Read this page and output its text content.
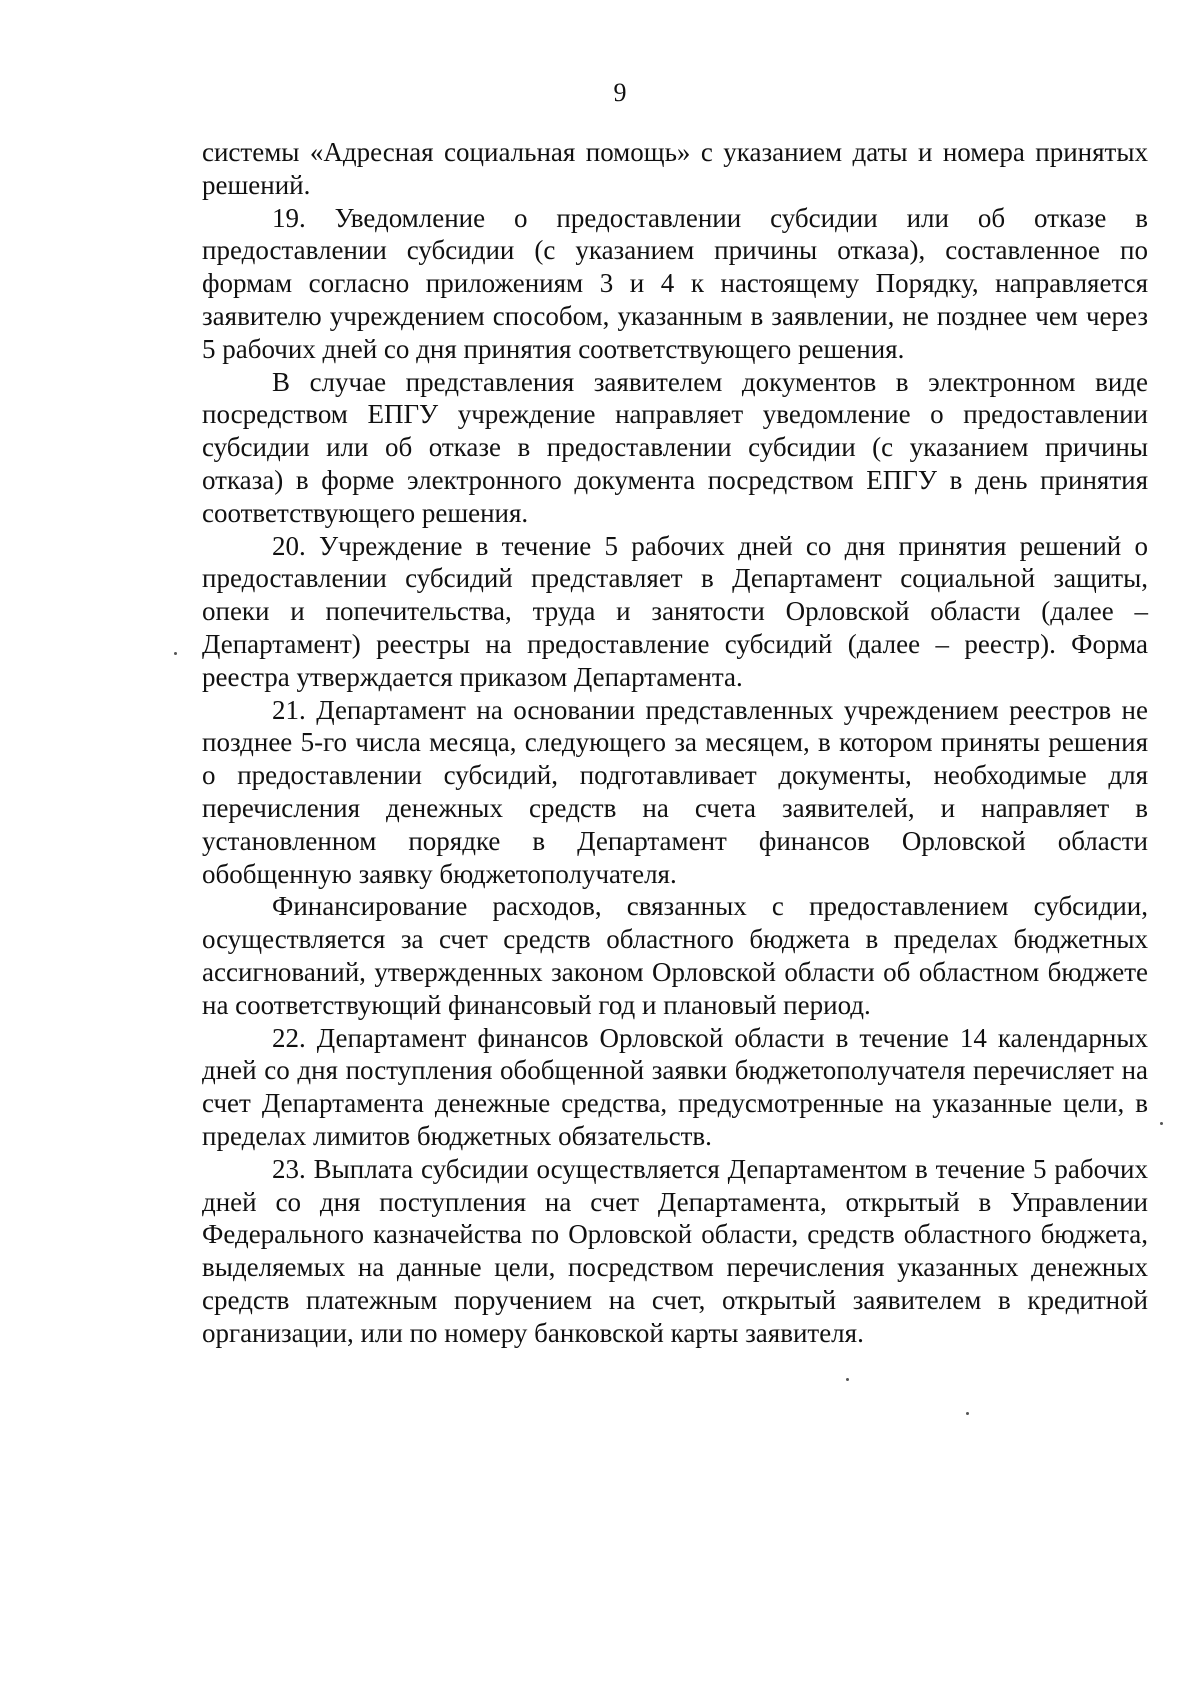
9

системы «Адресная социальная помощь» с указанием даты и номера принятых решений.

19. Уведомление о предоставлении субсидии или об отказе в предоставлении субсидии (с указанием причины отказа), составленное по формам согласно приложениям 3 и 4 к настоящему Порядку, направляется заявителю учреждением способом, указанным в заявлении, не позднее чем через 5 рабочих дней со дня принятия соответствующего решения.

В случае представления заявителем документов в электронном виде посредством ЕПГУ учреждение направляет уведомление о предоставлении субсидии или об отказе в предоставлении субсидии (с указанием причины отказа) в форме электронного документа посредством ЕПГУ в день принятия соответствующего решения.

20. Учреждение в течение 5 рабочих дней со дня принятия решений о предоставлении субсидий представляет в Департамент социальной защиты, опеки и попечительства, труда и занятости Орловской области (далее – Департамент) реестры на предоставление субсидий (далее – реестр). Форма реестра утверждается приказом Департамента.

21. Департамент на основании представленных учреждением реестров не позднее 5-го числа месяца, следующего за месяцем, в котором приняты решения о предоставлении субсидий, подготавливает документы, необходимые для перечисления денежных средств на счета заявителей, и направляет в установленном порядке в Департамент финансов Орловской области обобщенную заявку бюджетополучателя.

Финансирование расходов, связанных с предоставлением субсидии, осуществляется за счет средств областного бюджета в пределах бюджетных ассигнований, утвержденных законом Орловской области об областном бюджете на соответствующий финансовый год и плановый период.

22. Департамент финансов Орловской области в течение 14 календарных дней со дня поступления обобщенной заявки бюджетополучателя перечисляет на счет Департамента денежные средства, предусмотренные на указанные цели, в пределах лимитов бюджетных обязательств.

23. Выплата субсидии осуществляется Департаментом в течение 5 рабочих дней со дня поступления на счет Департамента, открытый в Управлении Федерального казначейства по Орловской области, средств областного бюджета, выделяемых на данные цели, посредством перечисления указанных денежных средств платежным поручением на счет, открытый заявителем в кредитной организации, или по номеру банковской карты заявителя.
